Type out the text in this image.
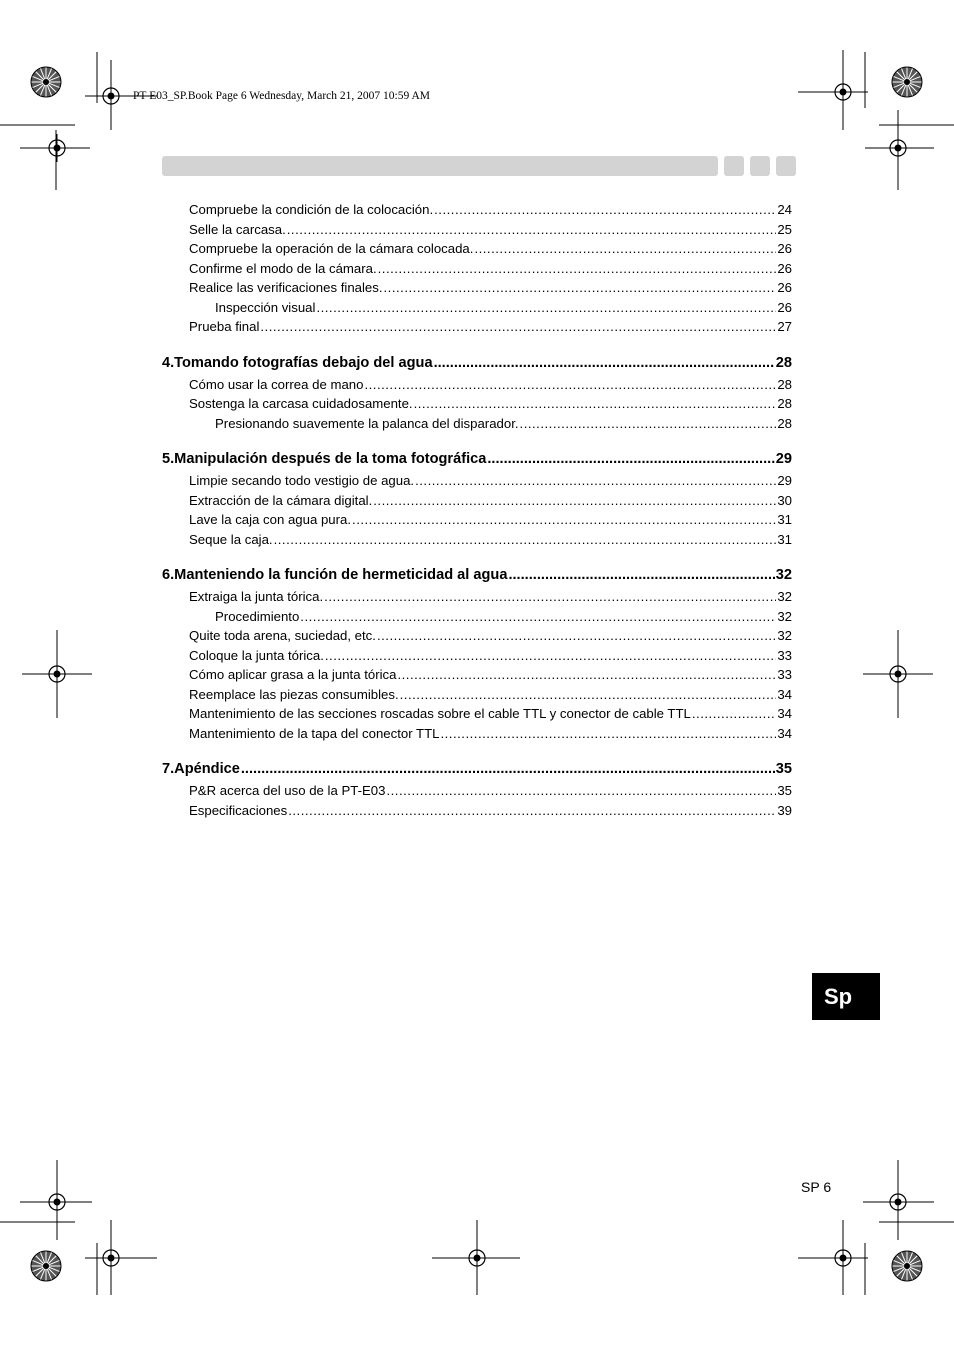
PT-E03_SP.Book Page 6 Wednesday, March 21, 2007 10:59 AM
Compruebe la condición de la colocación. .....	24
Selle la carcasa. .....	25
Compruebe la operación de la cámara colocada. .....	26
Confirme el modo de la cámara. .....	26
Realice las verificaciones finales. .....	26
Inspección visual .....	26
Prueba final .....	27
4.Tomando fotografías debajo del agua .....	28
Cómo usar la correa de mano .....	28
Sostenga la carcasa cuidadosamente. .....	28
Presionando suavemente la palanca del disparador. .....	28
5.Manipulación después de la toma fotográfica .....	29
Limpie secando todo vestigio de agua. .....	29
Extracción de la cámara digital. .....	30
Lave la caja con agua pura. .....	31
Seque la caja. .....	31
6.Manteniendo la función de hermeticidad al agua .....	32
Extraiga la junta tórica. .....	32
Procedimiento .....	32
Quite toda arena, suciedad, etc. .....	32
Coloque la junta tórica. .....	33
Cómo aplicar grasa a la junta tórica .....	33
Reemplace las piezas consumibles. .....	34
Mantenimiento de las secciones roscadas sobre el cable TTL y conector de cable TTL .....	34
Mantenimiento de la tapa del conector TTL .....	34
7.Apéndice .....	35
P&R acerca del uso de la PT-E03 .....	35
Especificaciones .....	39
Sp
SP 6
